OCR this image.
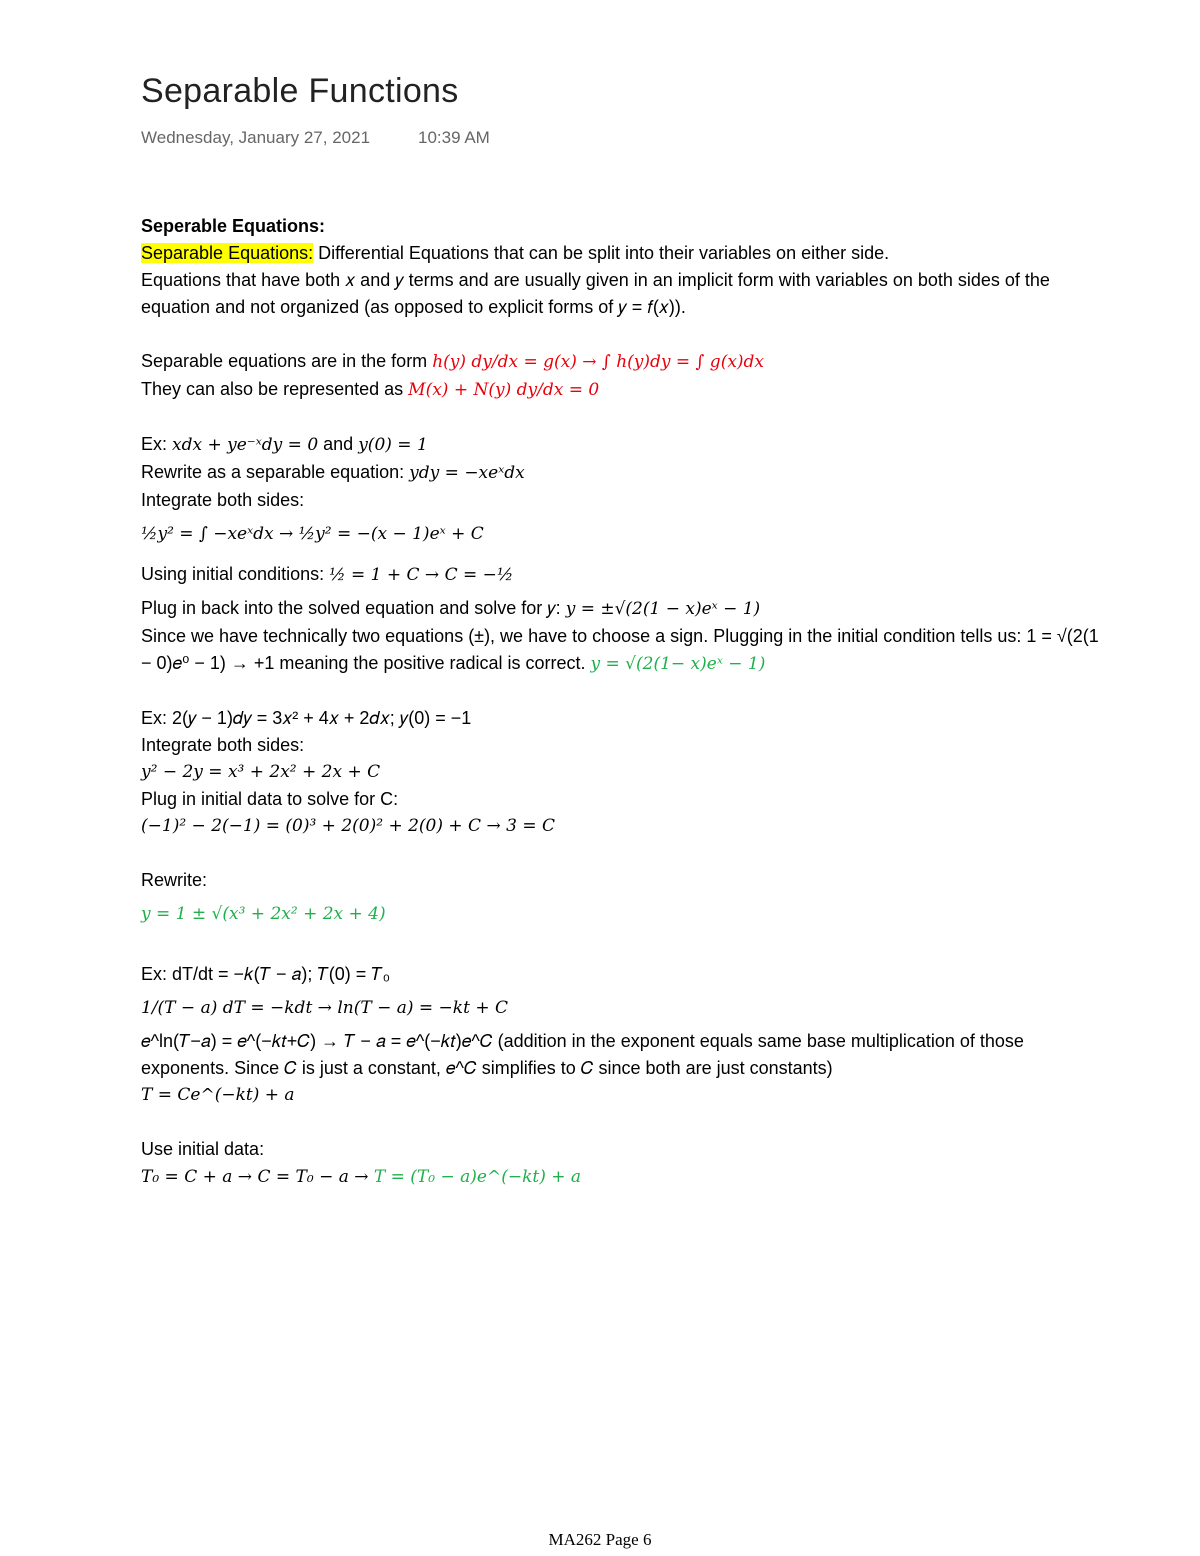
Separable Functions
Wednesday, January 27, 2021	10:39 AM
Seperable Equations:
Separable Equations: Differential Equations that can be split into their variables on either side.
Equations that have both 𝑥 and 𝑦 terms and are usually given in an implicit form with variables on both sides of the equation and not organized (as opposed to explicit forms of 𝑦 = 𝑓(𝑥)).
Separable equations are in the form ℎ(𝑦) dy/dx = 𝑔(𝑥) → ∫ ℎ(𝑦)𝑑𝑦 = ∫ 𝑔(𝑥)𝑑𝑥
They can also be represented as 𝑀(𝑥) + 𝑁(𝑦) dy/dx = 0
Ex: 𝑥𝑑𝑥 + 𝑦𝑒⁻ˣ𝑑𝑦 = 0 and 𝑦(0) = 1
Rewrite as a separable equation: 𝑦𝑑𝑦 = −𝑥𝑒ˣ𝑑𝑥
Integrate both sides:
½𝑦² = ∫ −𝑥𝑒ˣ𝑑𝑥 → ½𝑦² = −(𝑥 − 1)𝑒ˣ + 𝐶
Using initial conditions: ½ = 1 + 𝐶 → 𝐶 = −½
Plug in back into the solved equation and solve for 𝑦: 𝑦 = ±√(2(1 − 𝑥)𝑒ˣ − 1)
Since we have technically two equations (±), we have to choose a sign. Plugging in the initial condition tells us: 1 = √(2(1 − 0)𝑒⁰ − 1) → +1 meaning the positive radical is correct. 𝑦 = √(2(1− 𝑥)𝑒ˣ − 1)
Ex: 2(𝑦 − 1)𝑑𝑦 = 3𝑥² + 4𝑥 + 2𝑑𝑥; 𝑦(0) = −1
Integrate both sides:
𝑦² − 2𝑦 = 𝑥³ + 2𝑥² + 2𝑥 + 𝐶
Plug in initial data to solve for C:
(−1)² − 2(−1) = (0)³ + 2(0)² + 2(0) + 𝐶 → 3 = 𝐶
Rewrite:
𝑦 = 1 ± √(𝑥³ + 2𝑥² + 2𝑥 + 4)
Ex: dT/dt = −𝑘(𝑇 − 𝑎); 𝑇(0) = 𝑇₀
1/(𝑇 − 𝑎) 𝑑𝑇 = −𝑘𝑑𝑡 → ln(𝑇 − 𝑎) = −𝑘𝑡 + 𝐶
𝑒^ln(𝑇−𝑎) = 𝑒^(−𝑘𝑡+𝐶) → 𝑇 − 𝑎 = 𝑒^(−𝑘𝑡)𝑒^𝐶 (addition in the exponent equals same base multiplication of those exponents. Since 𝐶 is just a constant, 𝑒^𝐶 simplifies to 𝐶 since both are just constants)
𝑇 = 𝐶𝑒^(−𝑘𝑡) + 𝑎
Use initial data:
𝑇₀ = 𝐶 + 𝑎 → 𝐶 = 𝑇₀ − 𝑎 → 𝑇 = (𝑇₀ − 𝑎)𝑒^(−𝑘𝑡) + 𝑎
MA262 Page 6
